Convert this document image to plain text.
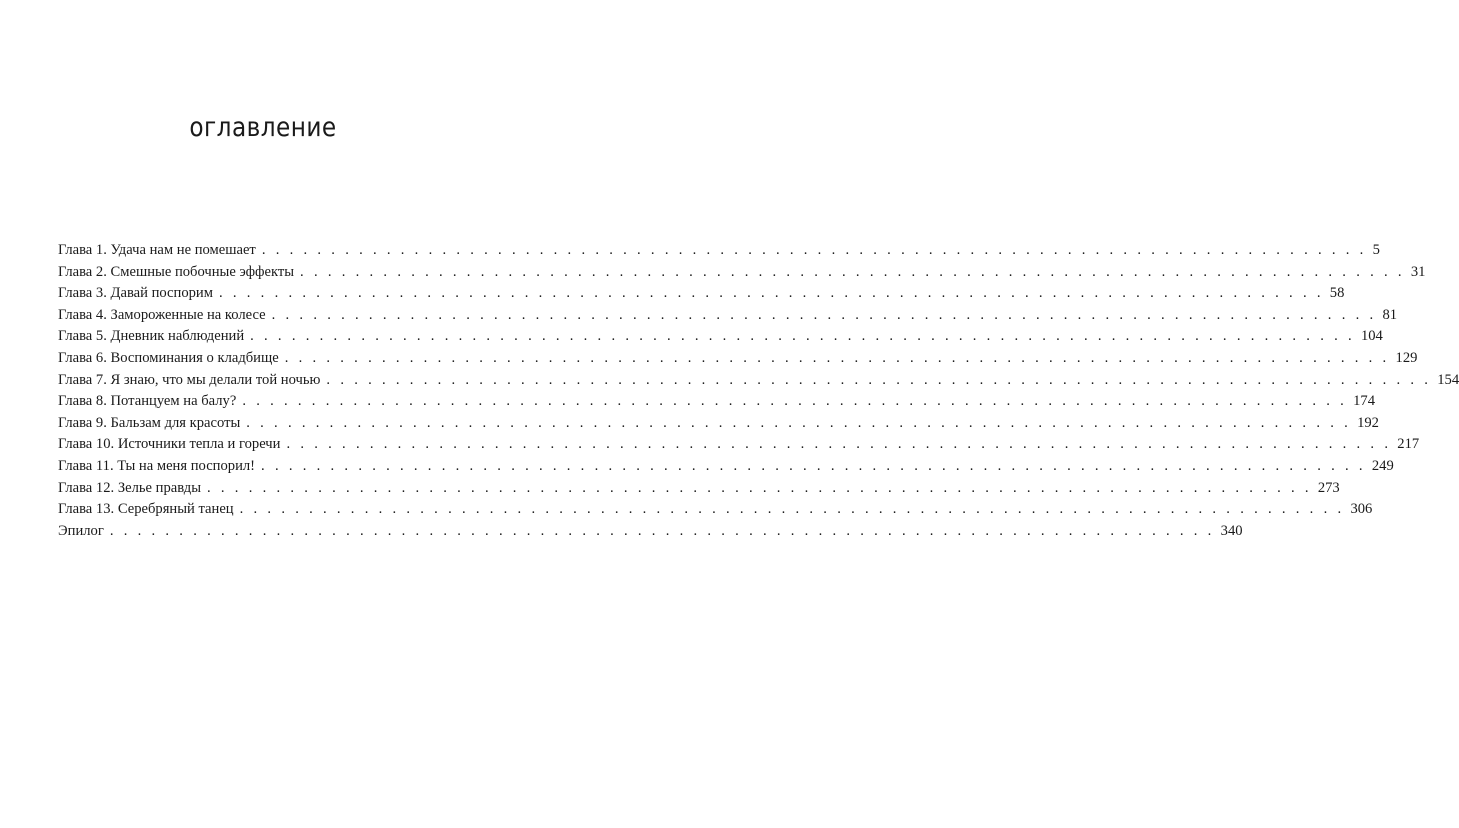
оглавление
Глава 1. Удача нам не помешает . . . . . . . . . . . . . . . . . . . . . . . . . . . . . . . . . . . . . . . . . . . . . . . . . . . . . . . . . . . . . . . . . . . . . . . . . . . . . . . . 5
Глава 2. Смешные побочные эффекты . . . . . . . . . . . . . . . . . . . . . . . . . . . . . . . . . . . . . . . . . . . . . . . . . . . . . . . . . . . . . . . . . . . . . . . . . . . . . . . . 31
Глава 3. Давай поспорим . . . . . . . . . . . . . . . . . . . . . . . . . . . . . . . . . . . . . . . . . . . . . . . . . . . . . . . . . . . . . . . . . . . . . . . . . . . . . . . . 58
Глава 4. Замороженные на колесе . . . . . . . . . . . . . . . . . . . . . . . . . . . . . . . . . . . . . . . . . . . . . . . . . . . . . . . . . . . . . . . . . . . . . . . . . . . . . . . . 81
Глава 5. Дневник наблюдений . . . . . . . . . . . . . . . . . . . . . . . . . . . . . . . . . . . . . . . . . . . . . . . . . . . . . . . . . . . . . . . . . . . . . . . . . . . . . . . . 104
Глава 6. Воспоминания о кладбище . . . . . . . . . . . . . . . . . . . . . . . . . . . . . . . . . . . . . . . . . . . . . . . . . . . . . . . . . . . . . . . . . . . . . . . . . . . . . . . . 129
Глава 7. Я знаю, что мы делали той ночью . . . . . . . . . . . . . . . . . . . . . . . . . . . . . . . . . . . . . . . . . . . . . . . . . . . . . . . . . . . . . . . . . . . . . . . . . . . . . . . . 154
Глава 8. Потанцуем на балу? . . . . . . . . . . . . . . . . . . . . . . . . . . . . . . . . . . . . . . . . . . . . . . . . . . . . . . . . . . . . . . . . . . . . . . . . . . . . . . . . 174
Глава 9. Бальзам для красоты . . . . . . . . . . . . . . . . . . . . . . . . . . . . . . . . . . . . . . . . . . . . . . . . . . . . . . . . . . . . . . . . . . . . . . . . . . . . . . . . 192
Глава 10. Источники тепла и горечи . . . . . . . . . . . . . . . . . . . . . . . . . . . . . . . . . . . . . . . . . . . . . . . . . . . . . . . . . . . . . . . . . . . . . . . . . . . . . . . . 217
Глава 11. Ты на меня поспорил! . . . . . . . . . . . . . . . . . . . . . . . . . . . . . . . . . . . . . . . . . . . . . . . . . . . . . . . . . . . . . . . . . . . . . . . . . . . . . . . . 249
Глава 12. Зелье правды . . . . . . . . . . . . . . . . . . . . . . . . . . . . . . . . . . . . . . . . . . . . . . . . . . . . . . . . . . . . . . . . . . . . . . . . . . . . . . . . 273
Глава 13. Серебряный танец . . . . . . . . . . . . . . . . . . . . . . . . . . . . . . . . . . . . . . . . . . . . . . . . . . . . . . . . . . . . . . . . . . . . . . . . . . . . . . . . 306
Эпилог . . . . . . . . . . . . . . . . . . . . . . . . . . . . . . . . . . . . . . . . . . . . . . . . . . . . . . . . . . . . . . . . . . . . . . . . . . . . . . . . 340
